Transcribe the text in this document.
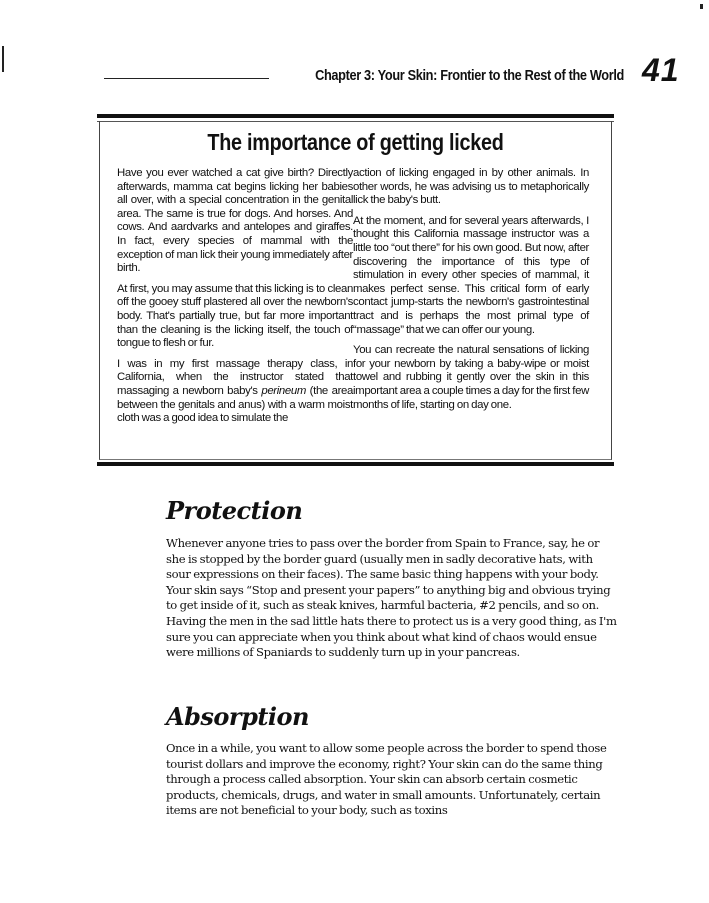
Chapter 3: Your Skin: Frontier to the Rest of the World 41
The importance of getting licked

Have you ever watched a cat give birth? Directly afterwards, mamma cat begins licking her babies all over, with a special concentration in the genital area. The same is true for dogs. And horses. And cows. And aardvarks and antelopes and giraffes. In fact, every species of mammal with the exception of man lick their young immediately after birth.

At first, you may assume that this licking is to clean off the gooey stuff plastered all over the newborn's body. That's partially true, but far more important than the cleaning is the licking itself, the touch of tongue to flesh or fur.

I was in my first massage therapy class, in California, when the instructor stated that massaging a newborn baby's perineum (the area between the genitals and anus) with a warm moist cloth was a good idea to simulate the

action of licking engaged in by other animals. In other words, he was advising us to metaphorically lick the baby's butt.

At the moment, and for several years afterwards, I thought this California massage instructor was a little too “out there” for his own good. But now, after discovering the importance of this type of stimulation in every other species of mammal, it makes perfect sense. This critical form of early contact jump-starts the newborn's gastrointestinal tract and is perhaps the most primal type of “massage” that we can offer our young.

You can recreate the natural sensations of licking for your newborn by taking a baby-wipe or moist towel and rubbing it gently over the skin in this important area a couple times a day for the first few months of life, starting on day one.

Protection

Whenever anyone tries to pass over the border from Spain to France, say, he or she is stopped by the border guard (usually men in sadly decorative hats, with sour expressions on their faces). The same basic thing happens with your body. Your skin says “Stop and present your papers” to anything big and obvious trying to get inside of it, such as steak knives, harmful bacteria, #2 pencils, and so on. Having the men in the sad little hats there to protect us is a very good thing, as I'm sure you can appreciate when you think about what kind of chaos would ensue were millions of Spaniards to suddenly turn up in your pancreas.

Absorption

Once in a while, you want to allow some people across the border to spend those tourist dollars and improve the economy, right? Your skin can do the same thing through a process called absorption. Your skin can absorb certain cosmetic products, chemicals, drugs, and water in small amounts. Unfortunately, certain items are not beneficial to your body, such as toxins
